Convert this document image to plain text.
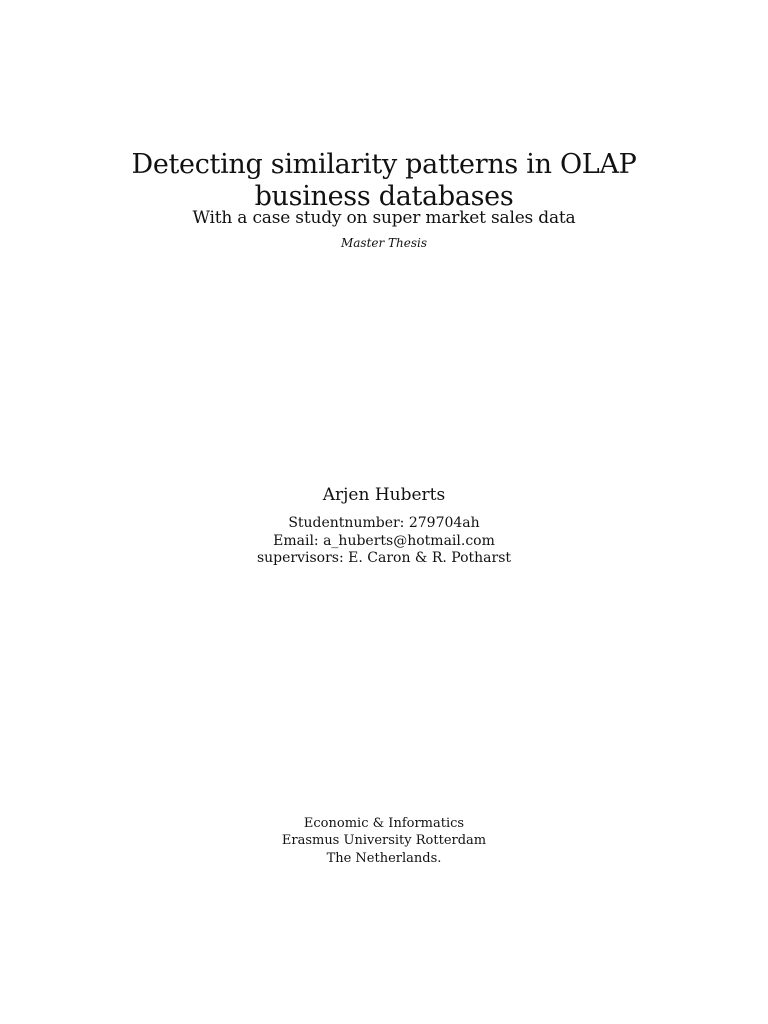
Detecting similarity patterns in OLAP
business databases
With a case study on super market sales data
Master Thesis
Arjen Huberts
Studentnumber: 279704ah
Email: a_huberts@hotmail.com
supervisors: E. Caron & R. Potharst
Economic & Informatics
Erasmus University Rotterdam
The Netherlands.
